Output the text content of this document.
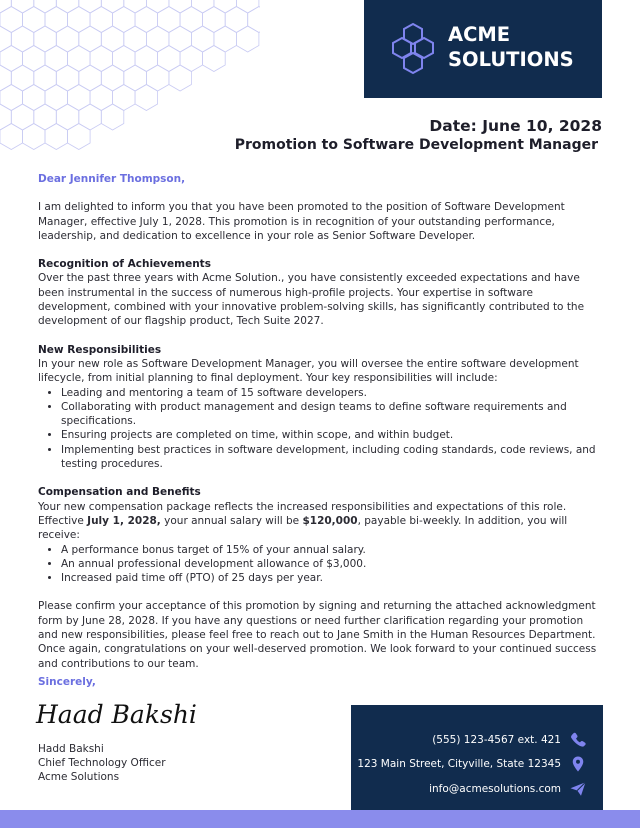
ACME
SOLUTIONS
Date: June 10, 2028
Promotion to Software Development Manager

Dear Jennifer Thompson,

I am delighted to inform you that you have been promoted to the position of Software Development Manager, effective July 1, 2028. This promotion is in recognition of your outstanding performance, leadership, and dedication to excellence in your role as Senior Software Developer.

Recognition of Achievements

Over the past three years with Acme Solution., you have consistently exceeded expectations and have been instrumental in the success of numerous high-profile projects. Your expertise in software development, combined with your innovative problem-solving skills, has significantly contributed to the development of our flagship product, Tech Suite 2027.

New Responsibilities

In your new role as Software Development Manager, you will oversee the entire software development lifecycle, from initial planning to final deployment. Your key responsibilities will include:

• Leading and mentoring a team of 15 software developers.
• Collaborating with product management and design teams to define software requirements and specifications.
• Ensuring projects are completed on time, within scope, and within budget.
• Implementing best practices in software development, including coding standards, code reviews, and testing procedures.

Compensation and Benefits

Your new compensation package reflects the increased responsibilities and expectations of this role. Effective July 1, 2028, your annual salary will be $120,000, payable bi-weekly. In addition, you will receive:

• A performance bonus target of 15% of your annual salary.
• An annual professional development allowance of $3,000.
• Increased paid time off (PTO) of 25 days per year.

Please confirm your acceptance of this promotion by signing and returning the attached acknowledgment form by June 28, 2028. If you have any questions or need further clarification regarding your promotion and new responsibilities, please feel free to reach out to Jane Smith in the Human Resources Department. Once again, congratulations on your well-deserved promotion. We look forward to your continued success and contributions to our team.

Sincerely,
Haad Bakshi
Hadd Bakshi
Chief Technology Officer
Acme Solutions
(555) 123-4567 ext. 421
123 Main Street, Cityville, State 12345
info@acmesolutions.com
